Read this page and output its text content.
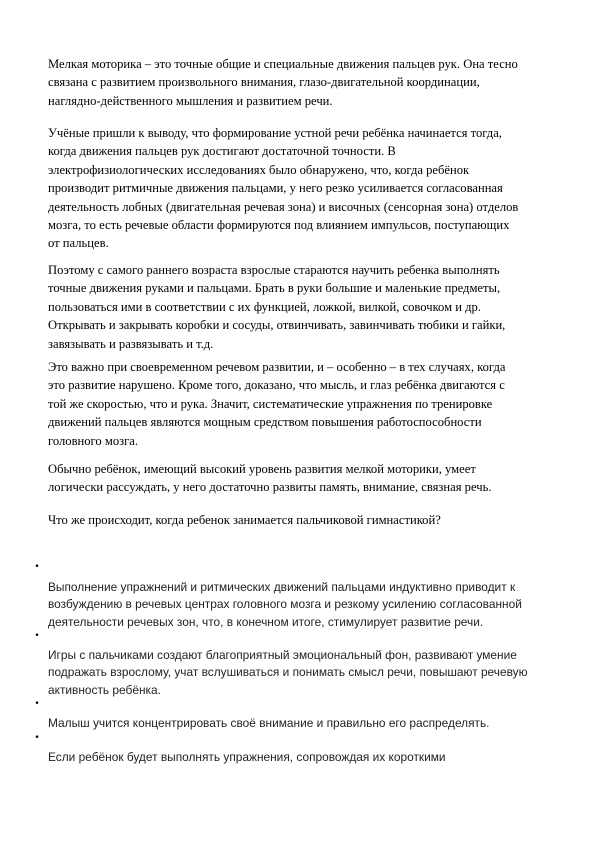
Мелкая моторика – это точные общие и специальные движения пальцев рук. Она тесно
связана с развитием произвольного внимания, глазо-двигательной координации,
наглядно-действенного мышления и развитием речи.

Учёные пришли к выводу, что формирование устной речи ребёнка начинается тогда,
когда движения пальцев рук достигают достаточной точности. В
электрофизиологических исследованиях было обнаружено, что, когда ребёнок
производит ритмичные движения пальцами, у него резко усиливается согласованная
деятельность лобных (двигательная речевая зона) и височных (сенсорная зона) отделов
мозга, то есть речевые области формируются под влиянием импульсов, поступающих
от пальцев.

Поэтому с самого раннего возраста взрослые стараются научить ребенка выполнять
точные движения руками и пальцами. Брать в руки большие и маленькие предметы,
пользоваться ими в соответствии с их функцией, ложкой, вилкой, совочком и др.
Открывать и закрывать коробки и сосуды, отвинчивать, завинчивать тюбики и гайки,
завязывать и развязывать и т.д.

Это важно при своевременном речевом развитии, и – особенно – в тех случаях, когда
это развитие нарушено. Кроме того, доказано, что мысль, и глаз ребёнка двигаются с
той же скоростью, что и рука. Значит, систематические упражнения по тренировке
движений пальцев являются мощным средством повышения работоспособности
головного мозга.

Обычно ребёнок, имеющий высокий уровень развития мелкой моторики, умеет
логически рассуждать, у него достаточно развиты память, внимание, связная речь.

Что же происходит, когда ребенок занимается пальчиковой гимнастикой?

•

Выполнение упражнений и ритмических движений пальцами индуктивно приводит к
возбуждению в речевых центрах головного мозга и резкому усилению согласованной
деятельности речевых зон, что, в конечном итоге, стимулирует развитие речи.

•

Игры с пальчиками создают благоприятный эмоциональный фон, развивают умение
подражать взрослому, учат вслушиваться и понимать смысл речи, повышают речевую
активность ребёнка.

•

Малыш учится концентрировать своё внимание и правильно его распределять.

•

Если ребёнок будет выполнять упражнения, сопровождая их короткими
